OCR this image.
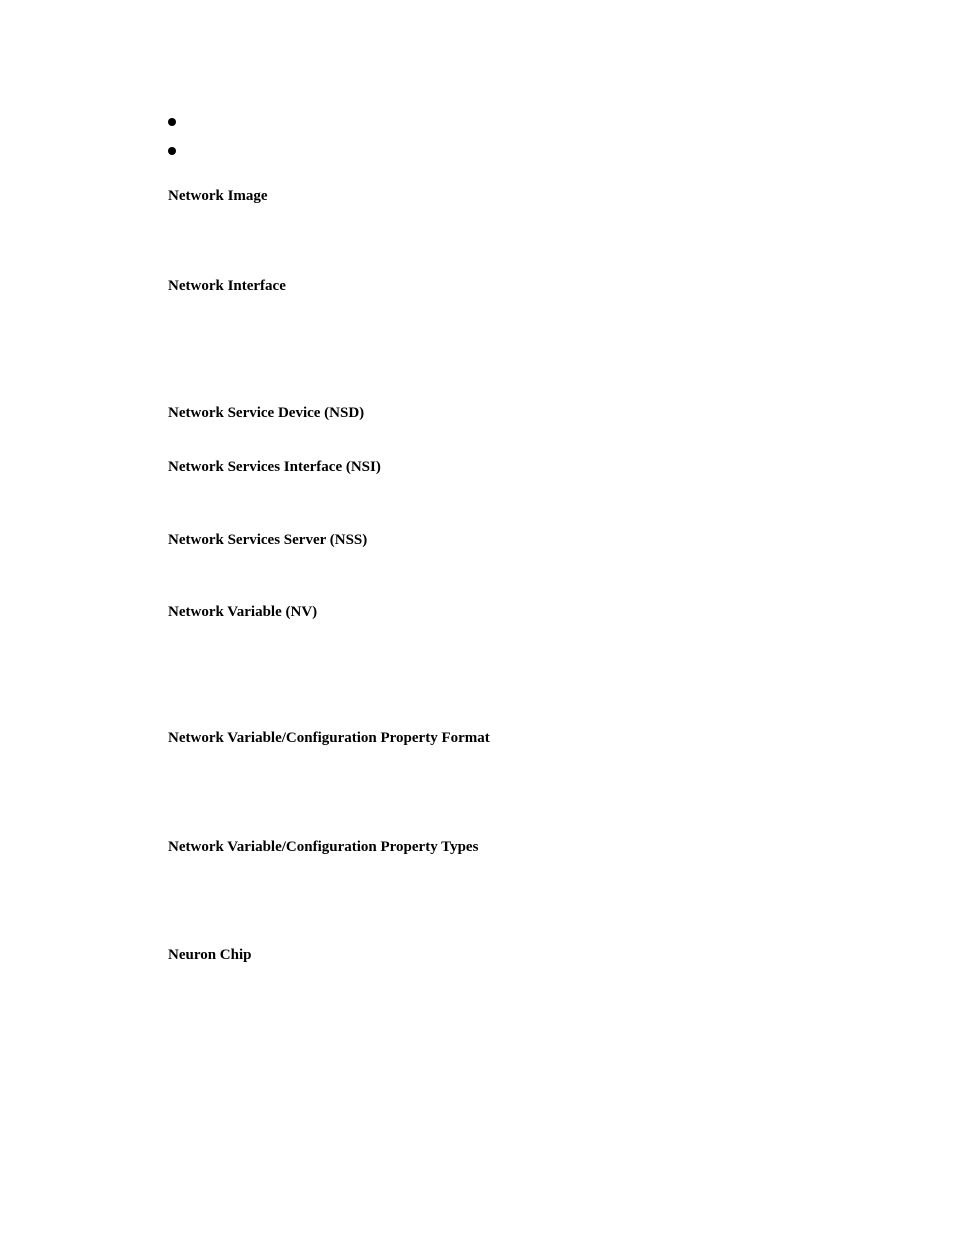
Network Image

Network Interface

Network Service Device (NSD)

Network Services Interface (NSI)

Network Services Server (NSS)

Network Variable (NV)

Network Variable/Configuration Property Format

Network Variable/Configuration Property Types

Neuron Chip
